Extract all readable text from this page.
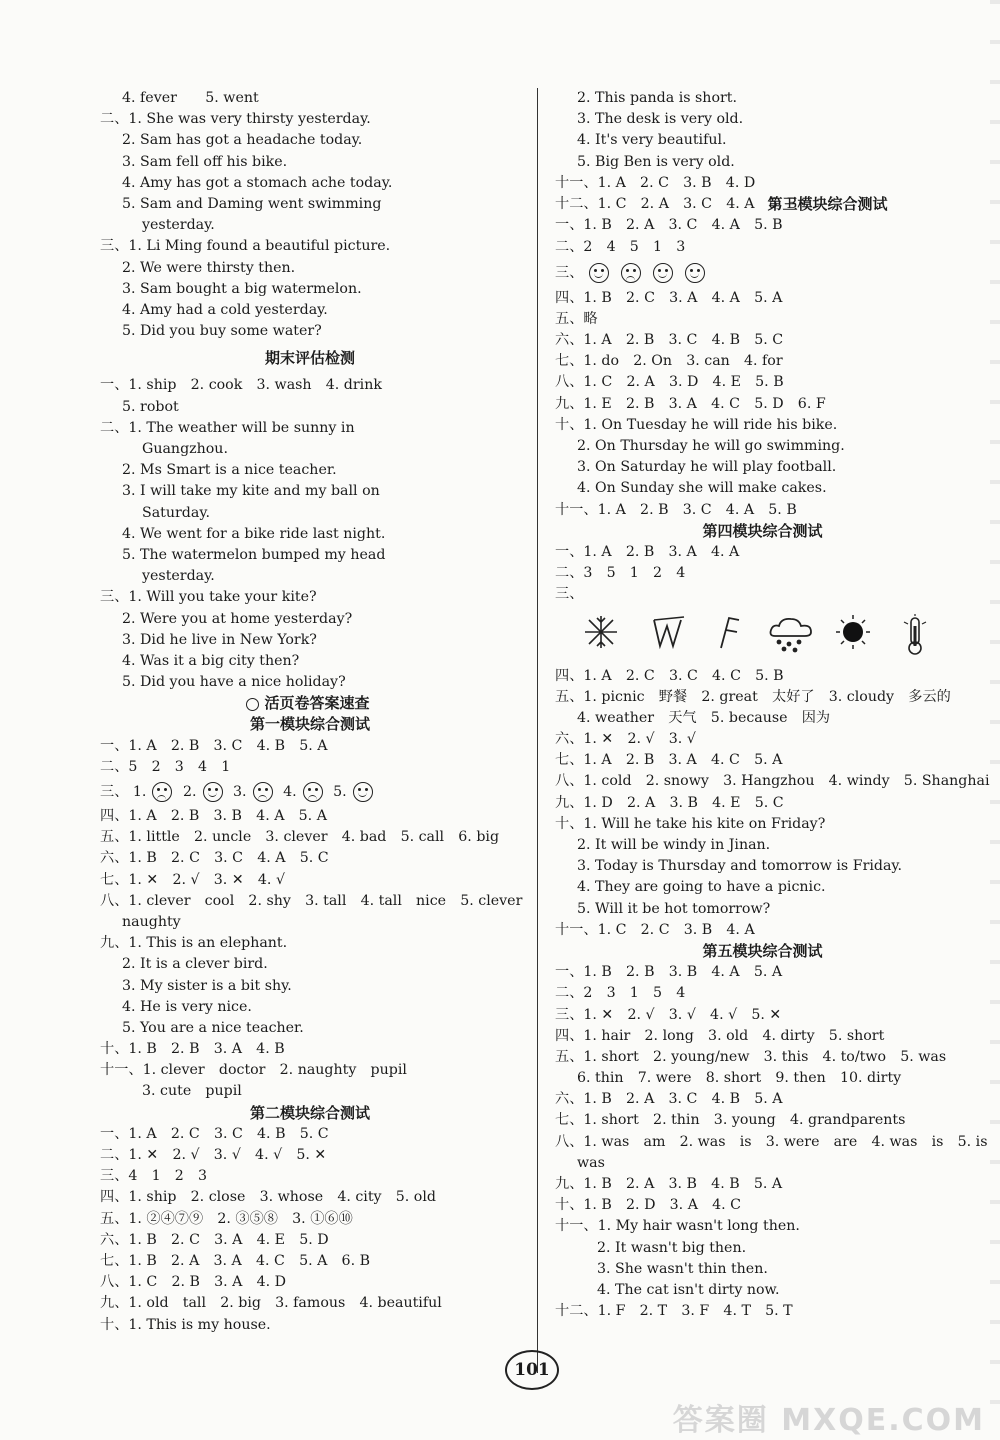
4. fever　　5. went
二、1. She was very thirsty yesterday.
2. Sam has got a headache today.
3. Sam fell off his bike.
4. Amy has got a stomach ache today.
5. Sam and Daming went swimming
yesterday.
三、1. Li Ming found a beautiful picture.
2. We were thirsty then.
3. Sam bought a big watermelon.
4. Amy had a cold yesterday.
5. Did you buy some water?
期末评估检测
一、1. ship　2. cook　3. wash　4. drink
5. robot
二、1. The weather will be sunny in
Guangzhou.
2. Ms Smart is a nice teacher.
3. I will take my kite and my ball on
Saturday.
4. We went for a bike ride last night.
5. The watermelon bumped my head
yesterday.
三、1. Will you take your kite?
2. Were you at home yesterday?
3. Did he live in New York?
4. Was it a big city then?
5. Did you have a nice holiday?
活页卷答案速查
第一模块综合测试
一、1. A　2. B　3. C　4. B　5. A
二、5　2　3　4　1
三、 1.	2.	3.	4.	5.
四、1. A　2. B　3. B　4. A　5. A
五、1. little　2. uncle　3. clever　4. bad　5. call　6. big
六、1. B　2. C　3. C　4. A　5. C
七、1. ✕　2. √　3. ✕　4. √
八、1. clever　cool　2. shy　3. tall　4. tall　nice　5. clever
naughty
九、1. This is an elephant.
2. It is a clever bird.
3. My sister is a bit shy.
4. He is very nice.
5. You are a nice teacher.
十、1. B　2. B　3. A　4. B
十一、1. clever　doctor　2. naughty　pupil
3. cute　pupil
第二模块综合测试
一、1. A　2. C　3. C　4. B　5. C
二、1. ✕　2. √　3. √　4. √　5. ✕
三、4　1　2　3
四、1. ship　2. close　3. whose　4. city　5. old
五、1. ②④⑦⑨　2. ③⑤⑧　3. ①⑥⑩
六、1. B　2. C　3. A　4. E　5. D
七、1. B　2. A　3. A　4. C　5. A　6. B
八、1. C　2. B　3. A　4. D
九、1. old　tall　2. big　3. famous　4. beautiful
十、1. This is my house.
2. This panda is short.
3. The desk is very old.
4. It's very beautiful.
5. Big Ben is very old.
十一、1. A　2. C　3. B　4. D
十二、1. C　2. A　3. C　4. A　5. B
第三模块综合测试
一、1. B　2. A　3. C　4. A　5. B
二、2　4　5　1　3
三、
四、1. B　2. C　3. A　4. A　5. A
五、略
六、1. A　2. B　3. C　4. B　5. C
七、1. do　2. On　3. can　4. for
八、1. C　2. A　3. D　4. E　5. B
九、1. E　2. B　3. A　4. C　5. D　6. F
十、1. On Tuesday he will ride his bike.
2. On Thursday he will go swimming.
3. On Saturday he will play football.
4. On Sunday she will make cakes.
十一、1. A　2. B　3. C　4. A　5. B
第四模块综合测试
一、1. A　2. B　3. A　4. A
二、3　5　1　2　4
三、
四、1. A　2. C　3. C　4. C　5. B
五、1. picnic　野餐　2. great　太好了　3. cloudy　多云的
4. weather　天气　5. because　因为
六、1. ✕　2. √　3. √
七、1. A　2. B　3. A　4. C　5. A
八、1. cold　2. snowy　3. Hangzhou　4. windy　5. Shanghai
九、1. D　2. A　3. B　4. E　5. C
十、1. Will he take his kite on Friday?
2. It will be windy in Jinan.
3. Today is Thursday and tomorrow is Friday.
4. They are going to have a picnic.
5. Will it be hot tomorrow?
十一、1. C　2. C　3. B　4. A
第五模块综合测试
一、1. B　2. B　3. B　4. A　5. A
二、2　3　1　5　4
三、1. ✕　2. √　3. √　4. √　5. ✕
四、1. hair　2. long　3. old　4. dirty　5. short
五、1. short　2. young/new　3. this　4. to/two　5. was
6. thin　7. were　8. short　9. then　10. dirty
六、1. B　2. A　3. C　4. B　5. A
七、1. short　2. thin　3. young　4. grandparents
八、1. was　am　2. was　is　3. were　are　4. was　is　5. is
was
九、1. B　2. A　3. B　4. B　5. A
十、1. B　2. D　3. A　4. C
十一、1. My hair wasn't long then.
2. It wasn't big then.
3. She wasn't thin then.
4. The cat isn't dirty now.
十二、1. F　2. T　3. F　4. T　5. T
101
答案圈 MXQE.COM
